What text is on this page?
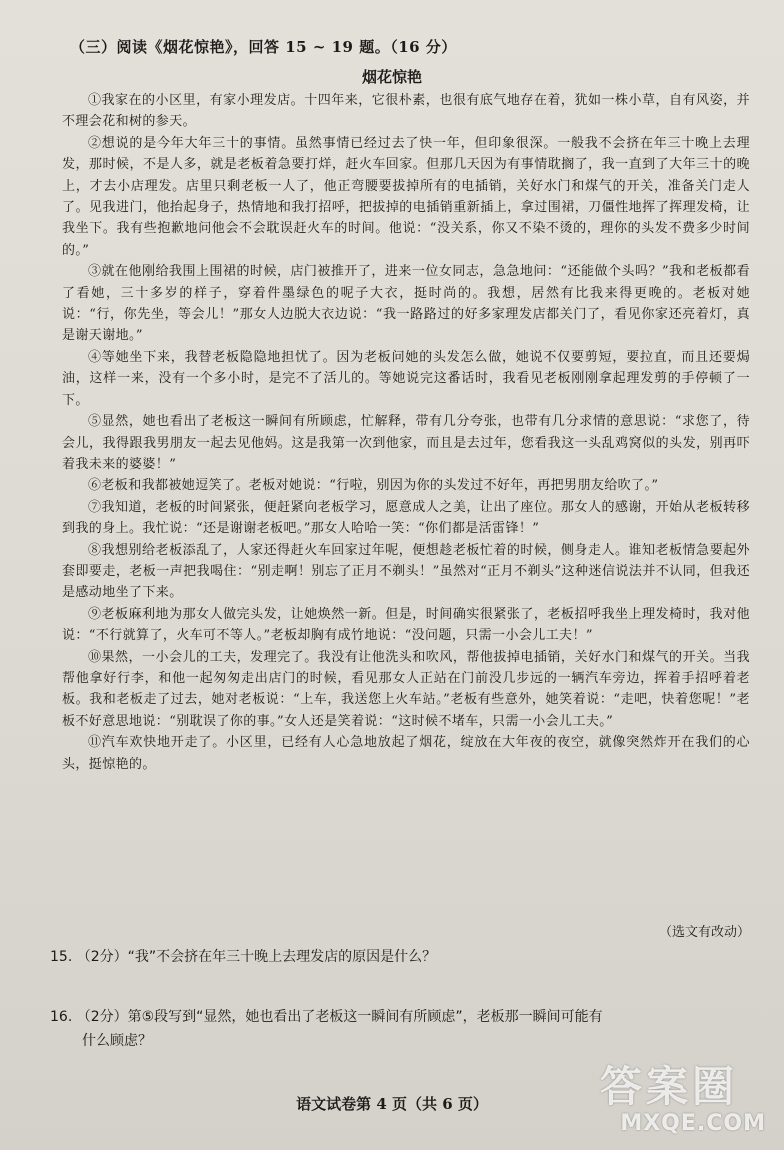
（三）阅读《烟花惊艳》，回答 15 ~ 19 题。（16 分）
烟花惊艳

①我家在的小区里，有家小理发店。十四年来，它很朴素，也很有底气地存在着，犹如一株小草，自有风姿，并不理会花和树的参天。

②想说的是今年大年三十的事情。虽然事情已经过去了快一年，但印象很深。一般我不会挤在年三十晚上去理发，那时候，不是人多，就是老板着急要打烊，赶火车回家。但那几天因为有事情耽搁了，我一直到了大年三十的晚上，才去小店理发。店里只剩老板一人了，他正弯腰要拔掉所有的电插销，关好水门和煤气的开关，准备关门走人了。见我进门，他抬起身子，热情地和我打招呼，把拔掉的电插销重新插上，拿过围裙，刀僵性地挥了挥理发椅，让我坐下。我有些抱歉地问他会不会耽误赶火车的时间。他说：“没关系，你又不染不烫的，理你的头发不费多少时间的。”

③就在他刚给我围上围裙的时候，店门被推开了，进来一位女同志，急急地问：“还能做个头吗？”我和老板都看了看她，三十多岁的样子，穿着件墨绿色的呢子大衣，挺时尚的。我想，居然有比我来得更晚的。老板对她说：“行，你先坐，等会儿！”那女人边脱大衣边说：“我一路路过的好多家理发店都关门了，看见你家还亮着灯，真是谢天谢地。”

④等她坐下来，我替老板隐隐地担忧了。因为老板问她的头发怎么做，她说不仅要剪短，要拉直，而且还要焗油，这样一来，没有一个多小时，是完不了活儿的。等她说完这番话时，我看见老板刚刚拿起理发剪的手停顿了一下。

⑤显然，她也看出了老板这一瞬间有所顾虑，忙解释，带有几分夸张，也带有几分求情的意思说：“求您了，待会儿，我得跟我男朋友一起去见他妈。这是我第一次到他家，而且是去过年，您看我这一头乱鸡窝似的头发，别再吓着我未来的婆婆！”

⑥老板和我都被她逗笑了。老板对她说：“行啦，别因为你的头发过不好年，再把男朋友给吹了。”

⑦我知道，老板的时间紧张，便赶紧向老板学习，愿意成人之美，让出了座位。那女人的感谢，开始从老板转移到我的身上。我忙说：“还是谢谢老板吧。”那女人哈哈一笑：“你们都是活雷锋！”

⑧我想别给老板添乱了，人家还得赶火车回家过年呢，便想趁老板忙着的时候，侧身走人。谁知老板情急要起外套即要走，老板一声把我喝住：“别走啊！别忘了正月不剃头！”虽然对“正月不剃头”这种迷信说法并不认同，但我还是感动地坐了下来。

⑨老板麻利地为那女人做完头发，让她焕然一新。但是，时间确实很紧张了，老板招呼我坐上理发椅时，我对他说：“不行就算了，火车可不等人。”老板却胸有成竹地说：“没问题，只需一小会儿工夫！”

⑩果然，一小会儿的工夫，发理完了。我没有让他洗头和吹风，帮他拔掉电插销，关好水门和煤气的开关。当我帮他拿好行李，和他一起匆匆走出店门的时候，看见那女人正站在门前没几步远的一辆汽车旁边，挥着手招呼着老板。我和老板走了过去，她对老板说：“上车，我送您上火车站。”老板有些意外，她笑着说：“走吧，快着您呢！”老板不好意思地说：“别耽误了你的事。”女人还是笑着说：“这时候不堵车，只需一小会儿工夫。”

⑪汽车欢快地开走了。小区里，已经有人心急地放起了烟花，绽放在大年夜的夜空，就像突然炸开在我们的心头，挺惊艳的。

（选文有改动）
15. （2分）“我”不会挤在年三十晚上去理发店的原因是什么？
16. （2分）第⑤段写到“显然，她也看出了老板这一瞬间有所顾虑”，老板那一瞬间可能有
什么顾虑？
语文试卷第 4 页（共 6 页）	答案圈
MXQE.COM
